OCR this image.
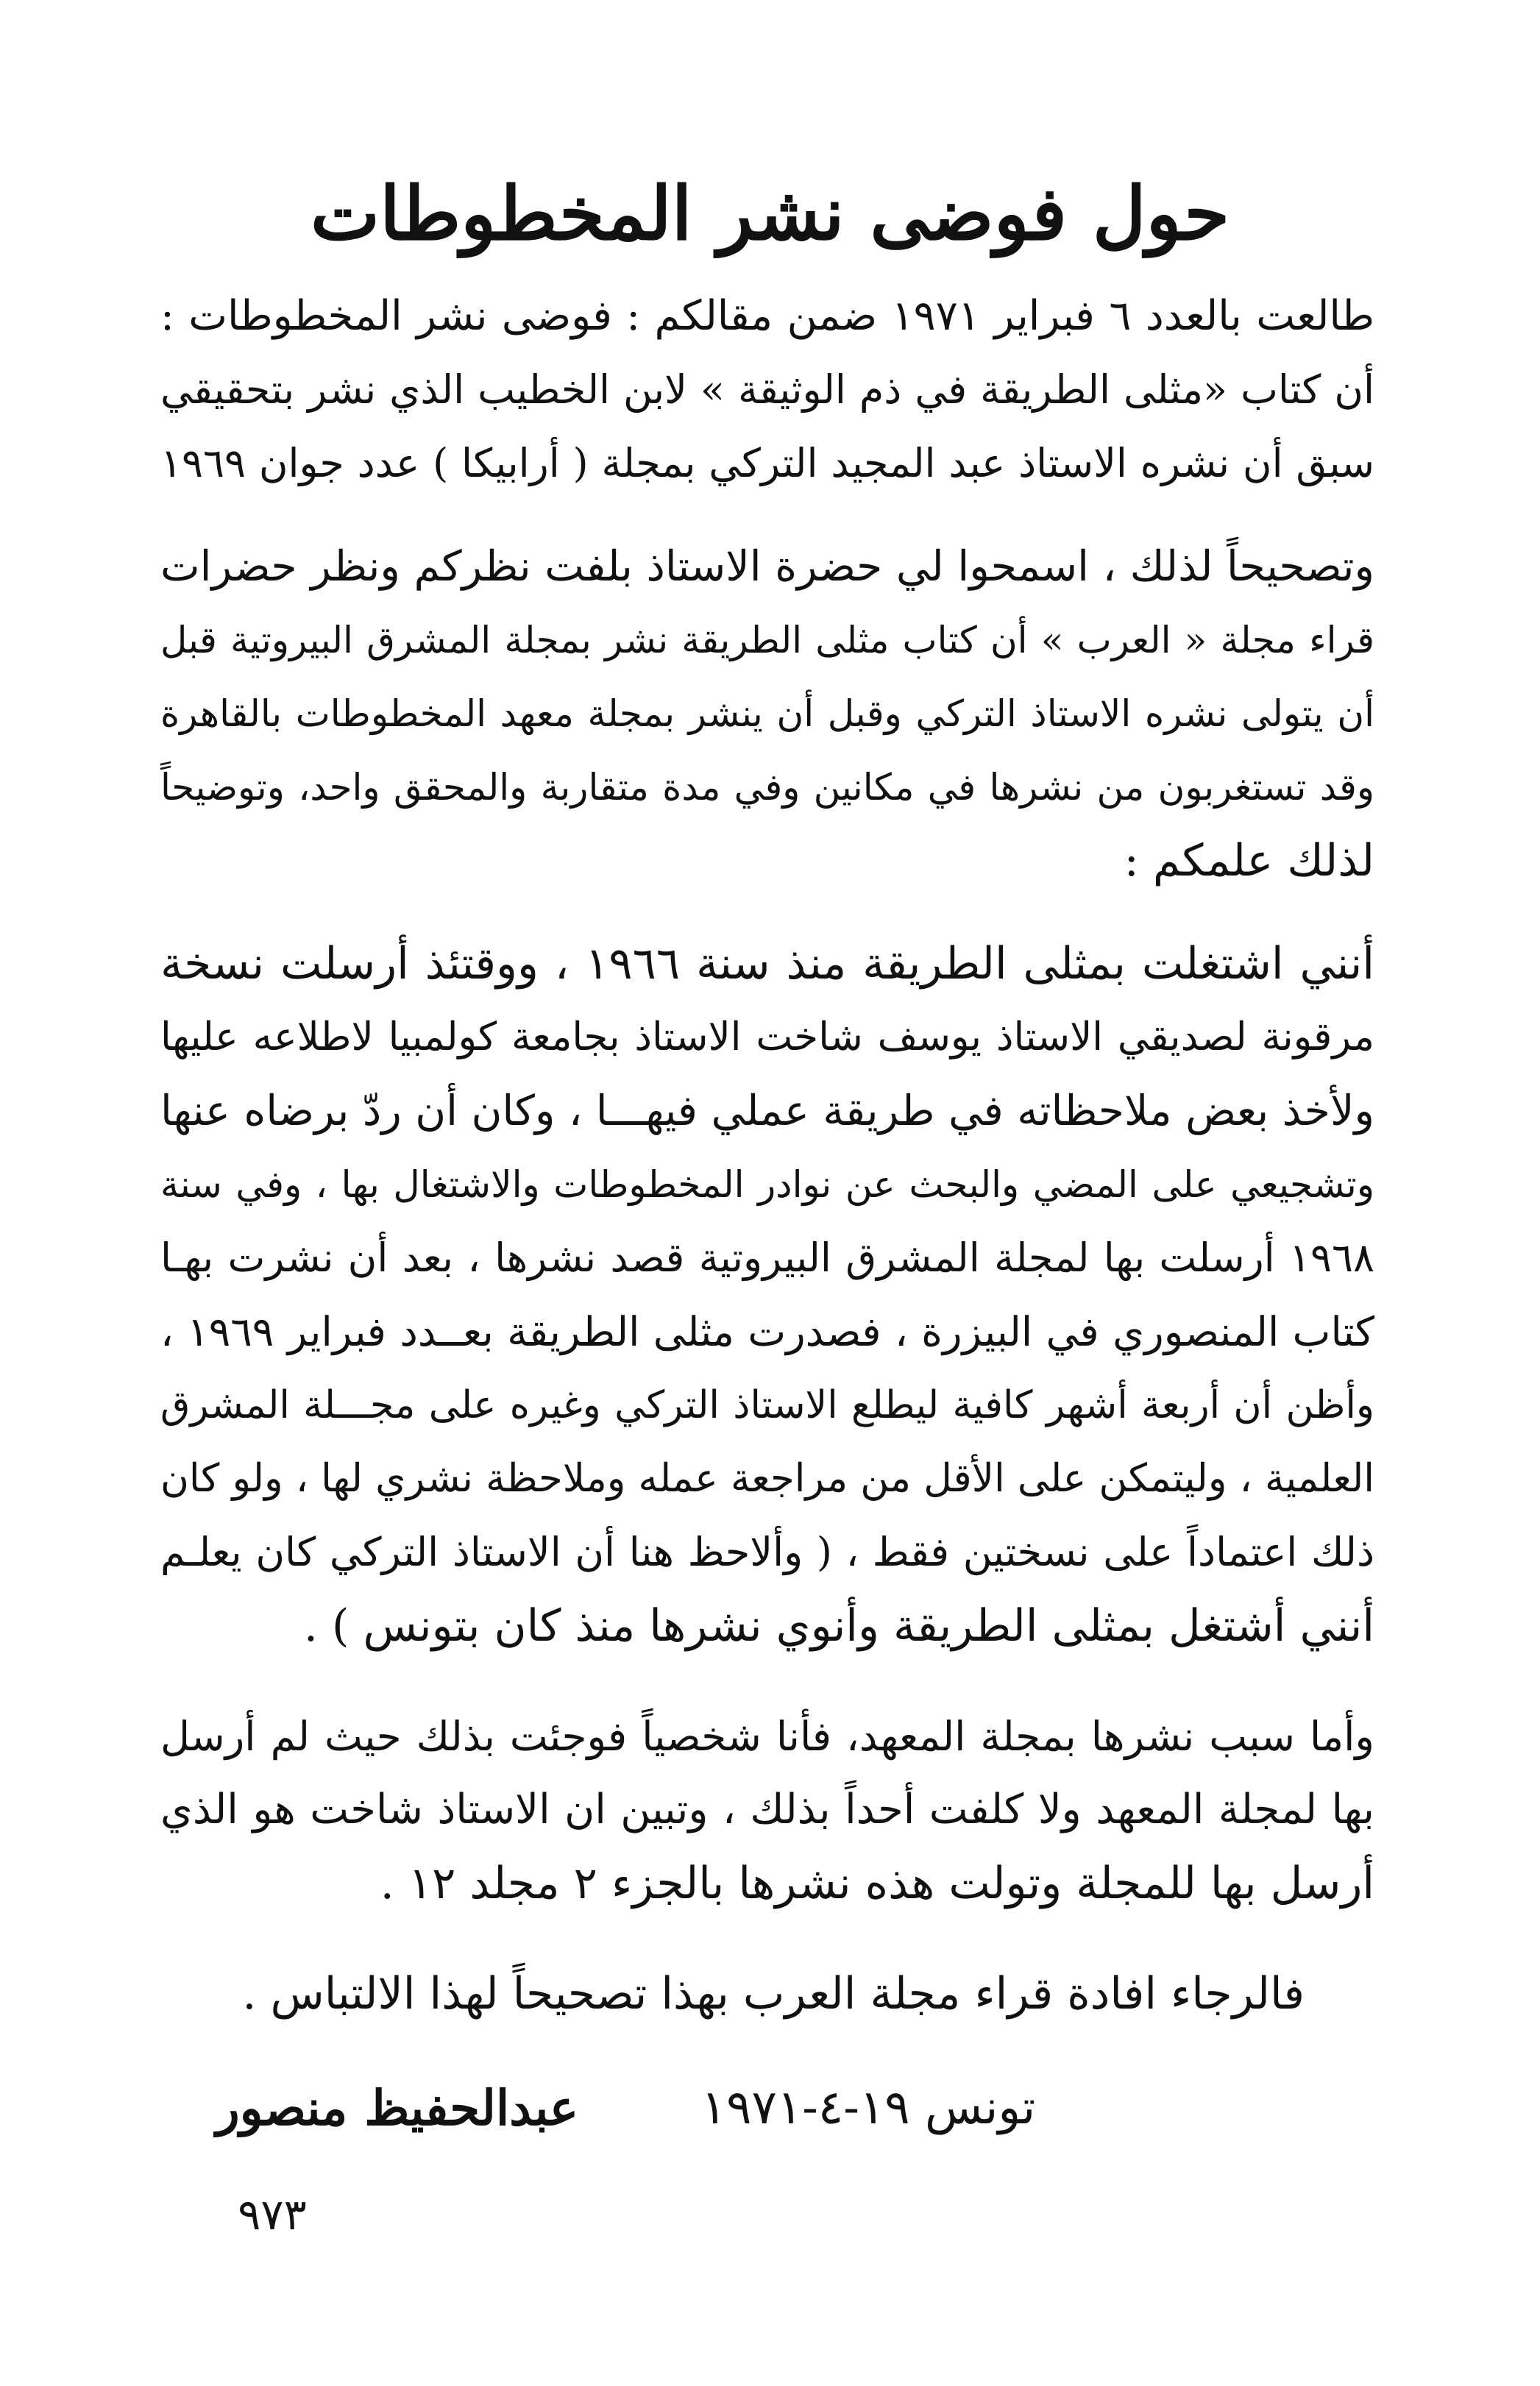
حول فوضى نشر المخطوطات
طالعت بالعدد ٦ فبراير ١٩٧١ ضمن مقالكم : فوضى نشر المخطوطات :
أن كتاب «مثلى الطريقة في ذم الوثيقة » لابن الخطيب الذي نشر بتحقيقي
سبق أن نشره الاستاذ عبد المجيد التركي بمجلة ( أرابيكا ) عدد جوان ١٩٦٩
وتصحيحاً لذلك ، اسمحوا لي حضرة الاستاذ بلفت نظركم ونظر حضرات
قراء مجلة « العرب » أن كتاب مثلى الطريقة نشر بمجلة المشرق البيروتية قبل
أن يتولى نشره الاستاذ التركي وقبل أن ينشر بمجلة معهد المخطوطات بالقاهرة
وقد تستغربون من نشرها في مكانين وفي مدة متقاربة والمحقق واحد، وتوضيحاً
لذلك علمكم :
أنني اشتغلت بمثلى الطريقة منذ سنة ١٩٦٦ ، ووقتئذ أرسلت نسخة
مرقونة لصديقي الاستاذ يوسف شاخت الاستاذ بجامعة كولمبيا لاطلاعه عليها
ولأخذ بعض ملاحظاته في طريقة عملي فيهـــا ، وكان أن ردّ برضاه عنها
وتشجيعي على المضي والبحث عن نوادر المخطوطات والاشتغال بها ، وفي سنة
١٩٦٨ أرسلت بها لمجلة المشرق البيروتية قصد نشرها ، بعد أن نشرت بهـا
كتاب المنصوري في البيزرة ، فصدرت مثلى الطريقة بعــدد فبراير ١٩٦٩ ،
وأظن أن أربعة أشهر كافية ليطلع الاستاذ التركي وغيره على مجـــلة المشرق
العلمية ، وليتمكن على الأقل من مراجعة عمله وملاحظة نشري لها ، ولو كان
ذلك اعتماداً على نسختين فقط ، ( وألاحظ هنا أن الاستاذ التركي كان يعلـم
أنني أشتغل بمثلى الطريقة وأنوي نشرها منذ كان بتونس ) .
وأما سبب نشرها بمجلة المعهد، فأنا شخصياً فوجئت بذلك حيث لم أرسل
بها لمجلة المعهد ولا كلفت أحداً بذلك ، وتبين ان الاستاذ شاخت هو الذي
أرسل بها للمجلة وتولت هذه نشرها بالجزء ٢ مجلد ١٢ .
فالرجاء افادة قراء مجلة العرب بهذا تصحيحاً لهذا الالتباس .
تونس ١٩-٤-١٩٧١
عبدالحفيظ منصور
٩٧٣
